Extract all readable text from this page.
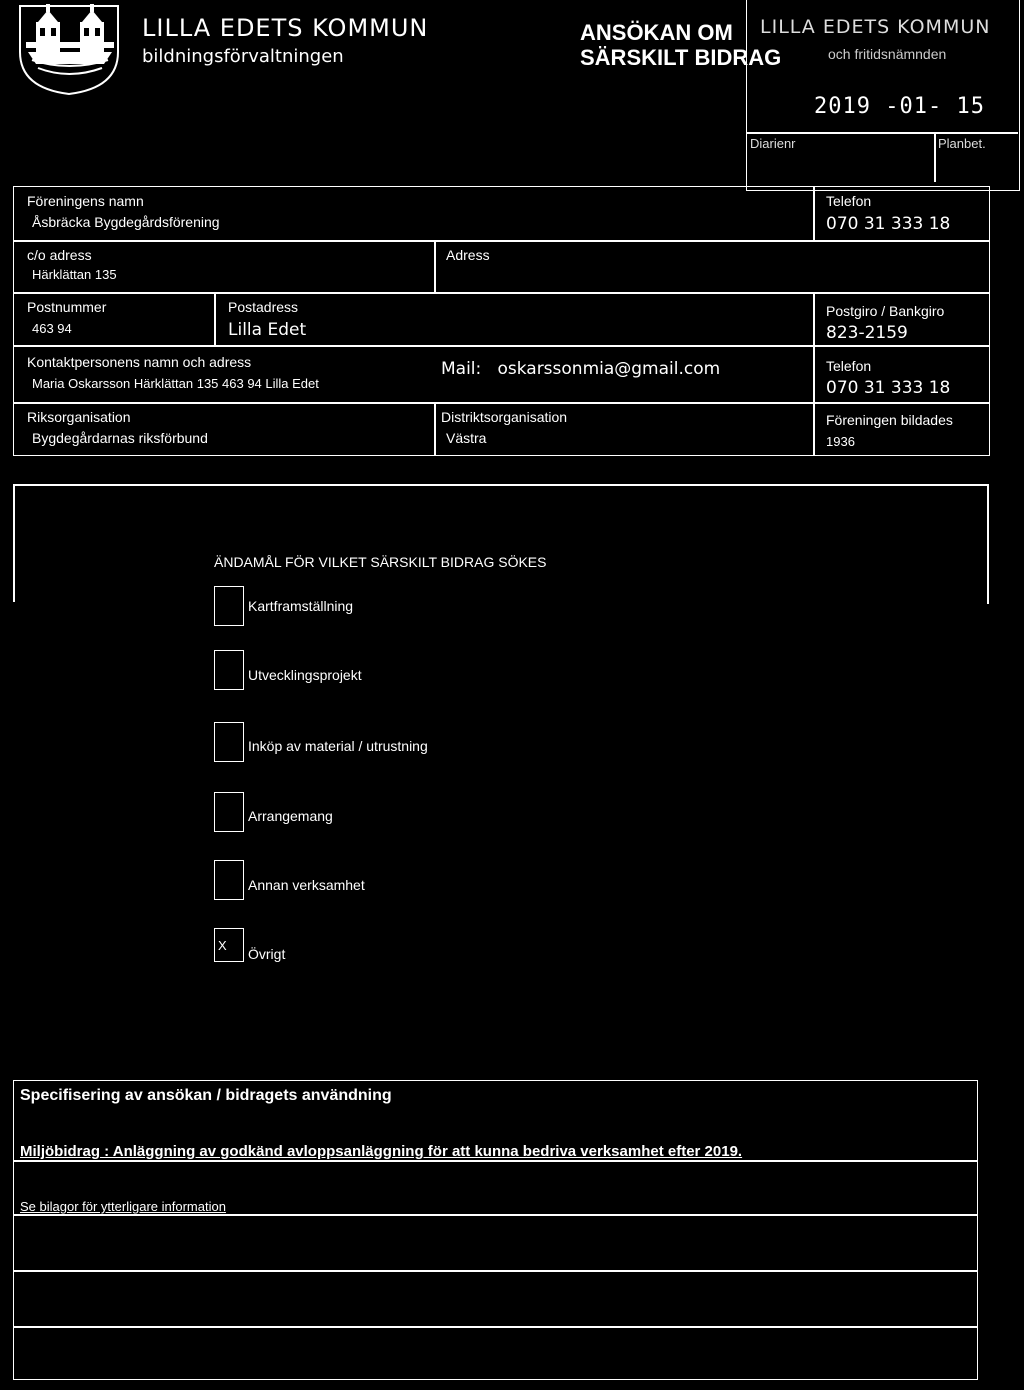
LILLA EDETS KOMMUN
bildningsförvaltningen
ANSÖKAN OM
SÄRSKILT BIDRAG
LILLA EDETS KOMMUN
och fritidsnämnden
2019 -01- 15
Diarienr	Planbet.
Föreningens namn
Åsbräcka Bygdegårdsförening
Telefon
070 31 333 18
c/o adress
Härklättan 135
Adress
Postnummer
463 94
Postadress
Lilla Edet
Postgiro / Bankgiro
823-2159
Kontaktpersonens namn och adress
Maria Oskarsson Härklättan 135 463 94 Lilla Edet
Mail:   oskarssonmia@gmail.com	Telefon
070 31 333 18
Riksorganisation
Bygdegårdarnas riksförbund
Distriktsorganisation
Västra
Föreningen bildades
1936
ÄNDAMÅL FÖR VILKET SÄRSKILT BIDRAG SÖKES
Kartframställning
Utvecklingsprojekt
Inköp av material / utrustning
Arrangemang
Annan verksamhet
X
Övrigt
Specifisering av ansökan / bidragets användning
Miljöbidrag : Anläggning av godkänd avloppsanläggning för att kunna bedriva verksamhet efter 2019.
Se bilagor för ytterligare information
